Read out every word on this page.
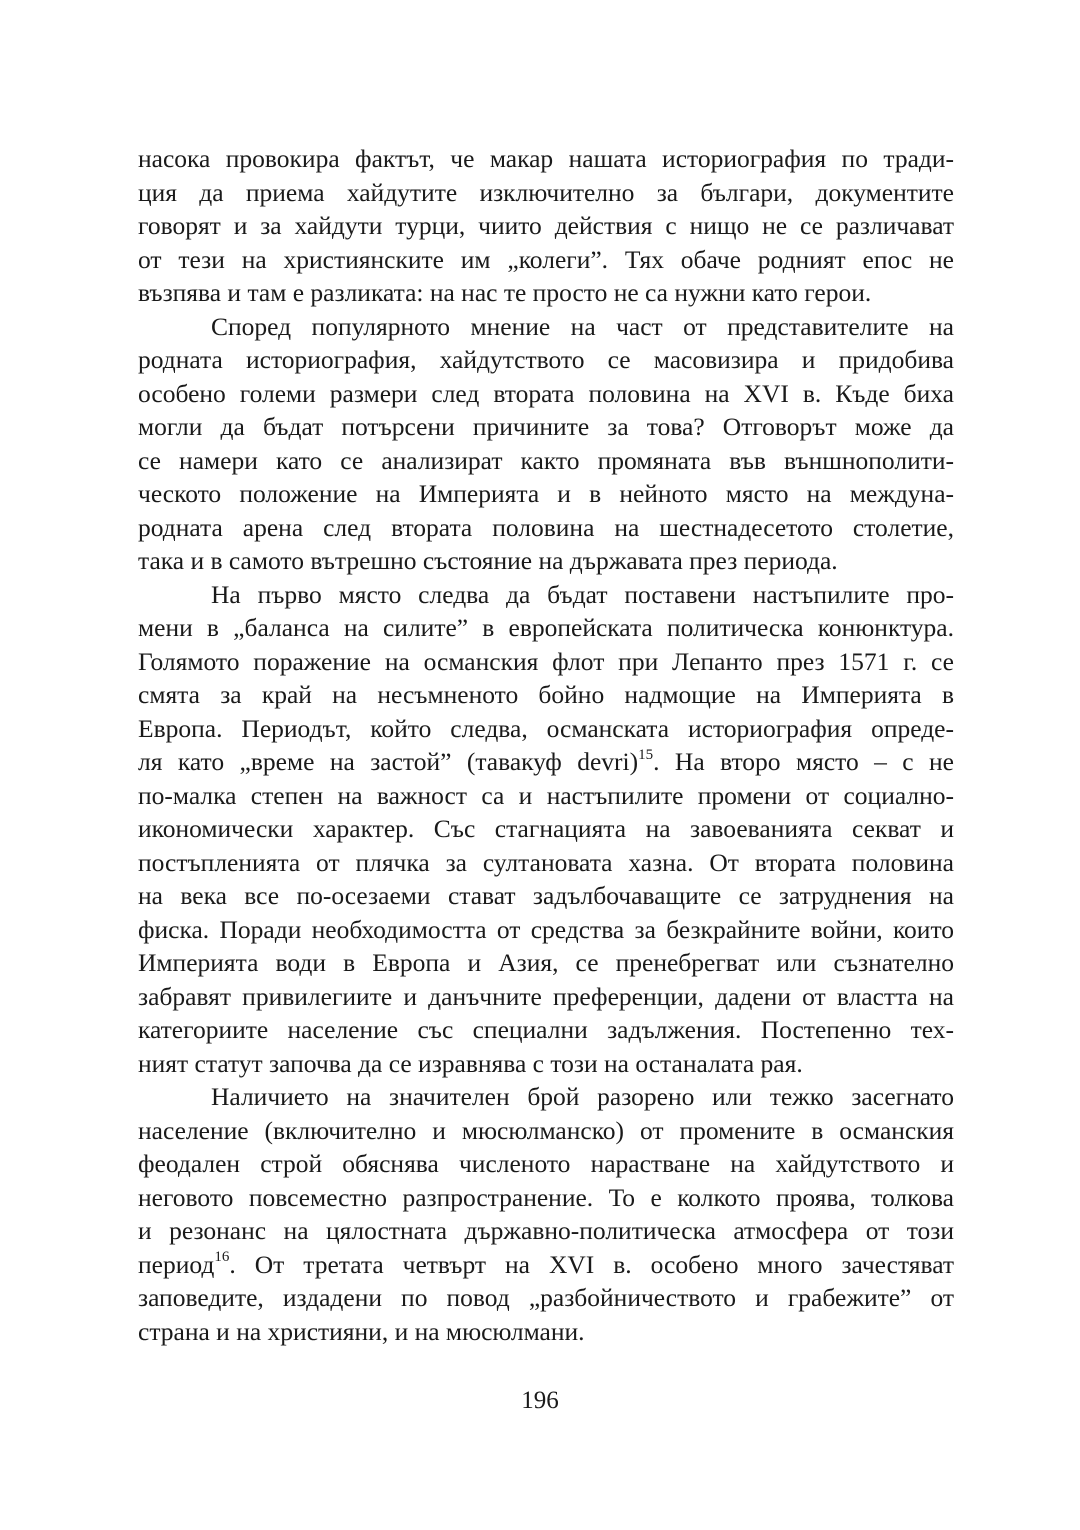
насока провокира фактът, че макар нашата историография по тради-
ция да приема хайдутите изключително за българи, документите
говорят и за хайдути турци, чиито действия с нищо не се различават
от тези на християнските им „колеги”. Тях обаче родният епос не
възпява и там е разликата: на нас те просто не са нужни като герои.
Според популярното мнение на част от представителите на
родната историография, хайдутството се масовизира и придобива
особено големи размери след втората половина на XVI в. Къде биха
могли да бъдат потърсени причините за това? Отговорът може да
се намери като се анализират както промяната във външнополити-
ческото положение на Империята и в нейното място на междуна-
родната арена след втората половина на шестнадесетото столетие,
така и в самото вътрешно състояние на държавата през периода.
На първо място следва да бъдат поставени настъпилите про-
мени в „баланса на силите” в европейската политическа конюнктура.
Голямото поражение на османския флот при Лепанто през 1571 г. се
смята за край на несъмненото бойно надмощие на Империята в
Европа. Периодът, който следва, османската историография опреде-
ля като „време на застой” (тавакуф devri)$^{15}$. На второ място – с не
по-малка степен на важност са и настъпилите промени от социално-
икономически характер. Със стагнацията на завоеванията секват и
постъпленията от плячка за султановата хазна. От втората половина
на века все по-осезаеми стават задълбочаващите се затруднения на
фиска. Поради необходимостта от средства за безкрайните войни, които
Империята води в Европа и Азия, се пренебрегват или съзнателно
забравят привилегиите и данъчните преференции, дадени от властта на
категориите население със специални задължения. Постепенно тех-
ният статут започва да се изравнява с този на останалата рая.
Наличието на значителен брой разорено или тежко засегнато
население (включително и мюсюлманско) от промените в османския
феодален строй обяснява численото нарастване на хайдутството и
неговото повсеместно разпространение. То е колкото проява, толкова
и резонанс на цялостната държавно-политическа атмосфера от този
период$^{16}$. От третата четвърт на XVI в. особено много зачестяват
заповедите, издадени по повод „разбойничеството и грабежите” от
страна и на християни, и на мюсюлмани.
196
